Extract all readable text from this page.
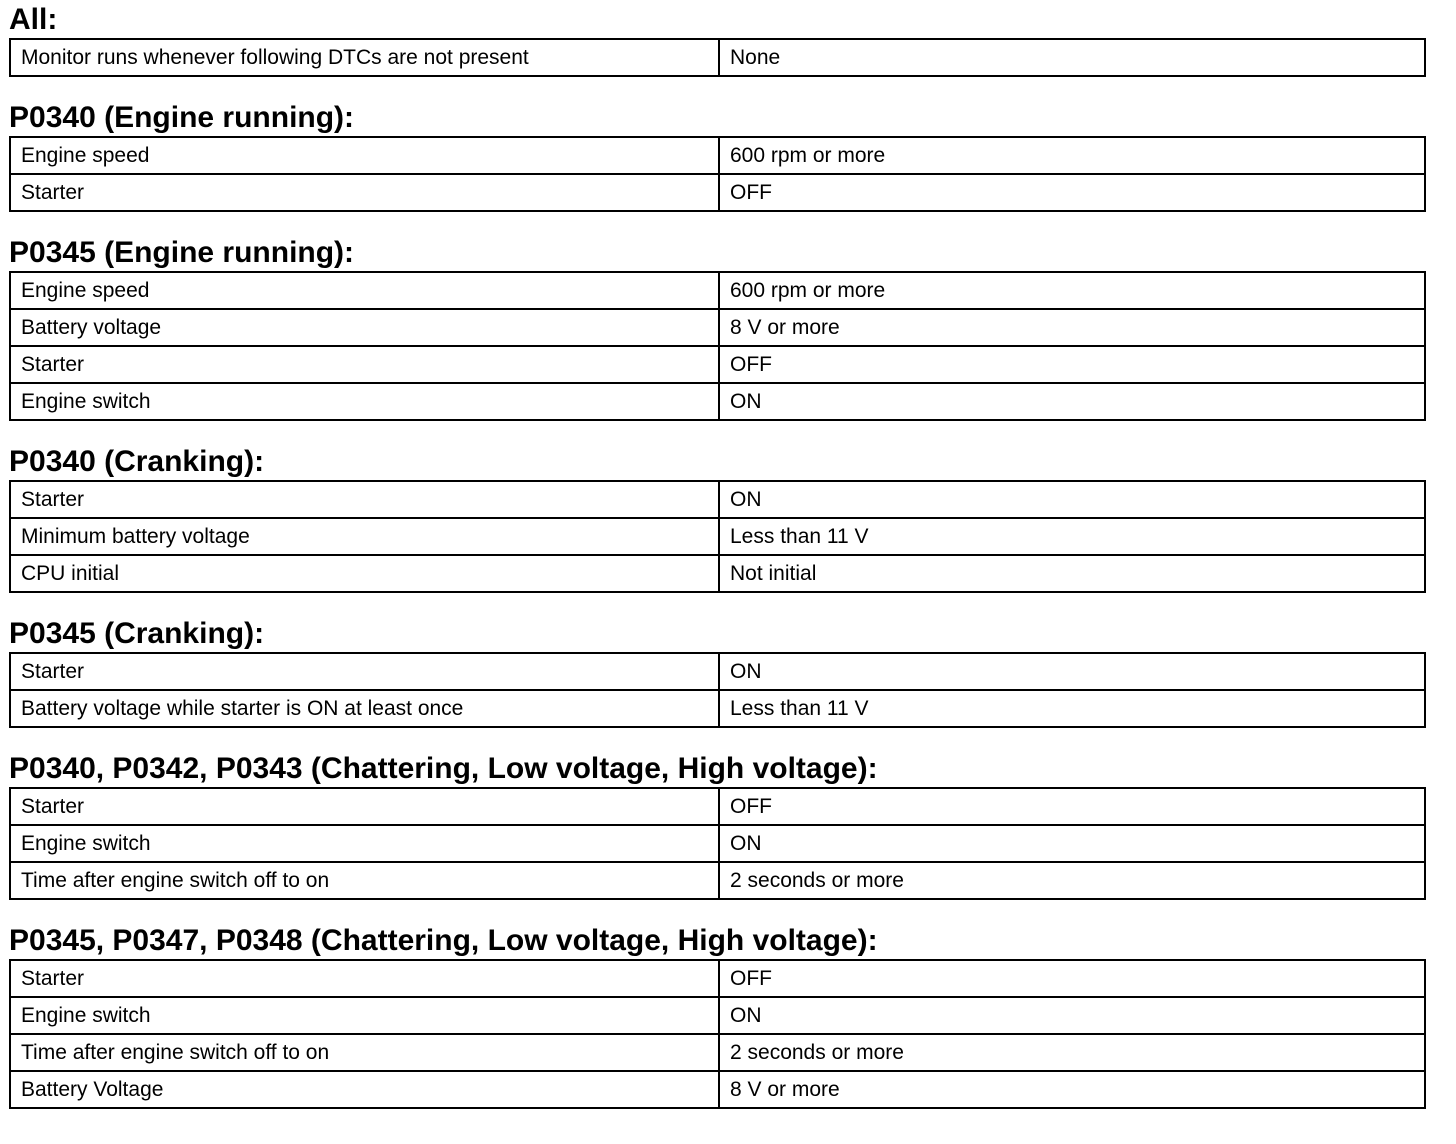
All:
Monitor runs whenever following DTCs are not present	None
P0340 (Engine running):
Engine speed	600 rpm or more
Starter	OFF
P0345 (Engine running):
Engine speed	600 rpm or more
Battery voltage	8 V or more
Starter	OFF
Engine switch	ON
P0340 (Cranking):
Starter	ON
Minimum battery voltage	Less than 11 V
CPU initial	Not initial
P0345 (Cranking):
Starter	ON
Battery voltage while starter is ON at least once	Less than 11 V
P0340, P0342, P0343 (Chattering, Low voltage, High voltage):
Starter	OFF
Engine switch	ON
Time after engine switch off to on	2 seconds or more
P0345, P0347, P0348 (Chattering, Low voltage, High voltage):
Starter	OFF
Engine switch	ON
Time after engine switch off to on	2 seconds or more
Battery Voltage	8 V or more
